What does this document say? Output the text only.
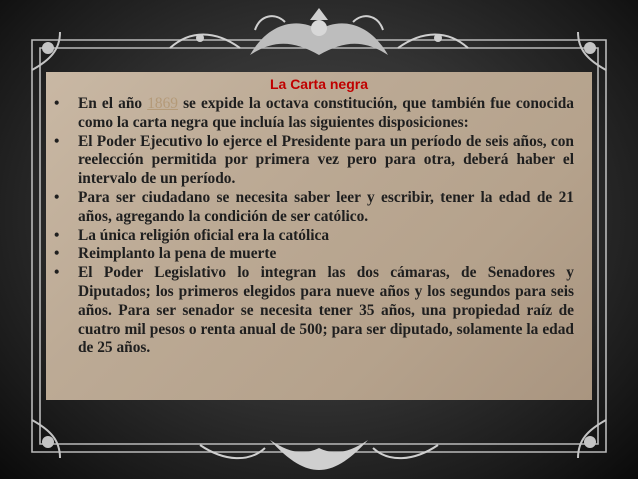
La Carta negra
• En el año 1869 se expide la octava constitución, que también fue conocida como la carta negra que incluía las siguientes disposiciones:
• El Poder Ejecutivo lo ejerce el Presidente para un período de seis años, con reelección permitida por primera vez pero para otra, deberá haber el intervalo de un período.
• Para ser ciudadano se necesita saber leer y escribir, tener la edad de 21 años, agregando la condición de ser católico.
• La única religión oficial era la católica
• Reimplanto la pena de muerte
• El Poder Legislativo lo integran las dos cámaras, de Senadores y Diputados; los primeros elegidos para nueve años y los segundos para seis años. Para ser senador se necesita tener 35 años, una propiedad raíz de cuatro mil pesos o renta anual de 500; para ser diputado, solamente la edad de 25 años.
